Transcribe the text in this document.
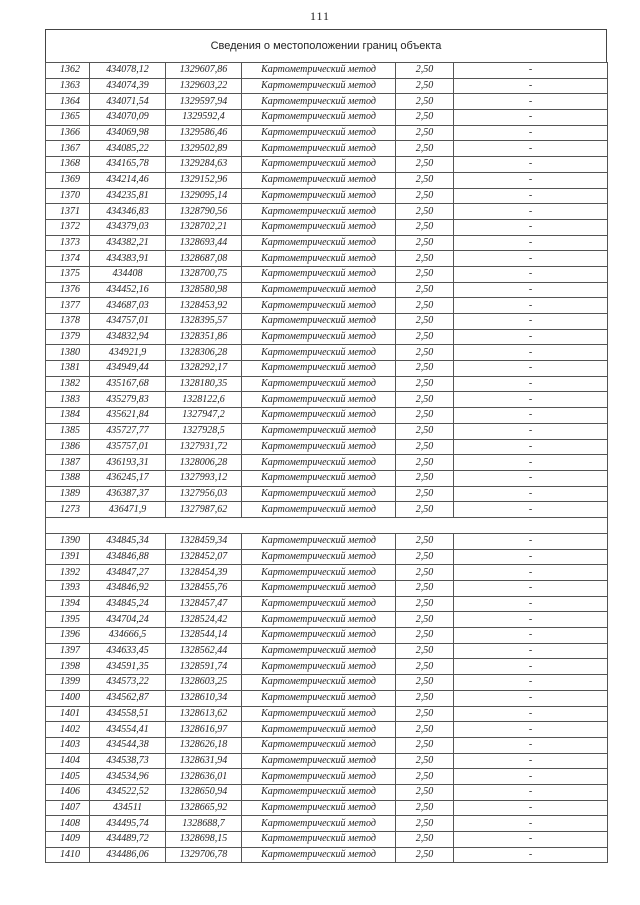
111
Сведения о местоположении границ объекта
1362	434078,12	1329607,86	Картометрический метод	2,50	-
1363	434074,39	1329603,22	Картометрический метод	2,50	-
1364	434071,54	1329597,94	Картометрический метод	2,50	-
1365	434070,09	1329592,4	Картометрический метод	2,50	-
1366	434069,98	1329586,46	Картометрический метод	2,50	-
1367	434085,22	1329502,89	Картометрический метод	2,50	-
1368	434165,78	1329284,63	Картометрический метод	2,50	-
1369	434214,46	1329152,96	Картометрический метод	2,50	-
1370	434235,81	1329095,14	Картометрический метод	2,50	-
1371	434346,83	1328790,56	Картометрический метод	2,50	-
1372	434379,03	1328702,21	Картометрический метод	2,50	-
1373	434382,21	1328693,44	Картометрический метод	2,50	-
1374	434383,91	1328687,08	Картометрический метод	2,50	-
1375	434408	1328700,75	Картометрический метод	2,50	-
1376	434452,16	1328580,98	Картометрический метод	2,50	-
1377	434687,03	1328453,92	Картометрический метод	2,50	-
1378	434757,01	1328395,57	Картометрический метод	2,50	-
1379	434832,94	1328351,86	Картометрический метод	2,50	-
1380	434921,9	1328306,28	Картометрический метод	2,50	-
1381	434949,44	1328292,17	Картометрический метод	2,50	-
1382	435167,68	1328180,35	Картометрический метод	2,50	-
1383	435279,83	1328122,6	Картометрический метод	2,50	-
1384	435621,84	1327947,2	Картометрический метод	2,50	-
1385	435727,77	1327928,5	Картометрический метод	2,50	-
1386	435757,01	1327931,72	Картометрический метод	2,50	-
1387	436193,31	1328006,28	Картометрический метод	2,50	-
1388	436245,17	1327993,12	Картометрический метод	2,50	-
1389	436387,37	1327956,03	Картометрический метод	2,50	-
1273	436471,9	1327987,62	Картометрический метод	2,50	-

1390	434845,34	1328459,34	Картометрический метод	2,50	-
1391	434846,88	1328452,07	Картометрический метод	2,50	-
1392	434847,27	1328454,39	Картометрический метод	2,50	-
1393	434846,92	1328455,76	Картометрический метод	2,50	-
1394	434845,24	1328457,47	Картометрический метод	2,50	-
1395	434704,24	1328524,42	Картометрический метод	2,50	-
1396	434666,5	1328544,14	Картометрический метод	2,50	-
1397	434633,45	1328562,44	Картометрический метод	2,50	-
1398	434591,35	1328591,74	Картометрический метод	2,50	-
1399	434573,22	1328603,25	Картометрический метод	2,50	-
1400	434562,87	1328610,34	Картометрический метод	2,50	-
1401	434558,51	1328613,62	Картометрический метод	2,50	-
1402	434554,41	1328616,97	Картометрический метод	2,50	-
1403	434544,38	1328626,18	Картометрический метод	2,50	-
1404	434538,73	1328631,94	Картометрический метод	2,50	-
1405	434534,96	1328636,01	Картометрический метод	2,50	-
1406	434522,52	1328650,94	Картометрический метод	2,50	-
1407	434511	1328665,92	Картометрический метод	2,50	-
1408	434495,74	1328688,7	Картометрический метод	2,50	-
1409	434489,72	1328698,15	Картометрический метод	2,50	-
1410	434486,06	1329706,78	Картометрический метод	2,50	-
